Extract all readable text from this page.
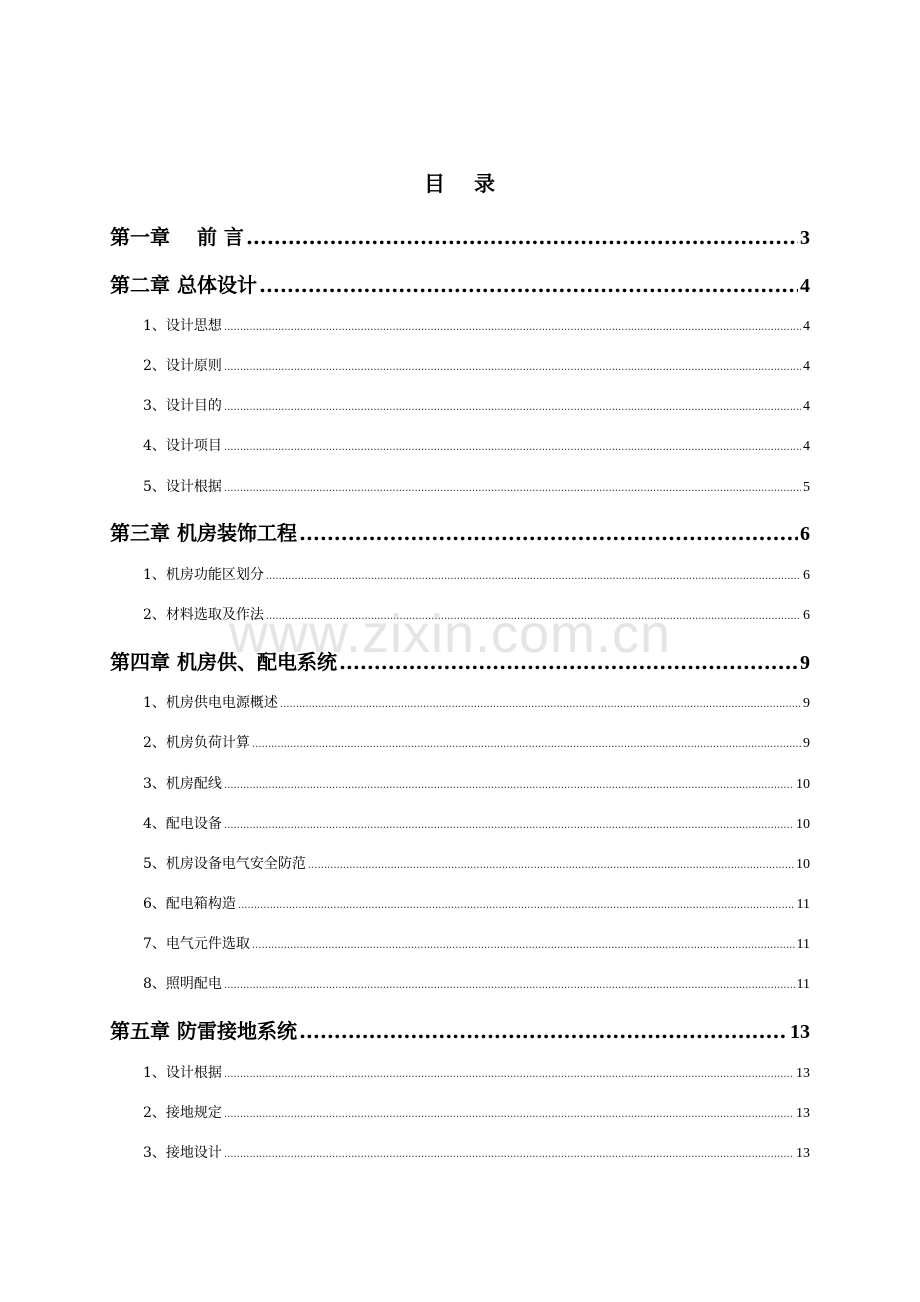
目 录
第一章　 前 言 .....	3
第二章 总体设计 .....	4
1、设计思想 .....	4
2、设计原则 .....	4
3、设计目的 .....	4
4、设计项目 .....	4
5、设计根据 .....	5
第三章 机房装饰工程 .....	6
1、机房功能区划分 .....	6
2、材料选取及作法 .....	6
第四章 机房供、配电系统 .....	9
1、机房供电电源概述 .....	9
2、机房负荷计算 .....	9
3、机房配线 .....	10
4、配电设备 .....	10
5、机房设备电气安全防范 .....	10
6、配电箱构造 .....	11
7、电气元件选取 .....	11
8、照明配电 .....	11
第五章 防雷接地系统 .....	13
1、设计根据 .....	13
2、接地规定 .....	13
3、接地设计 .....	13
www.zixin.com.cn
